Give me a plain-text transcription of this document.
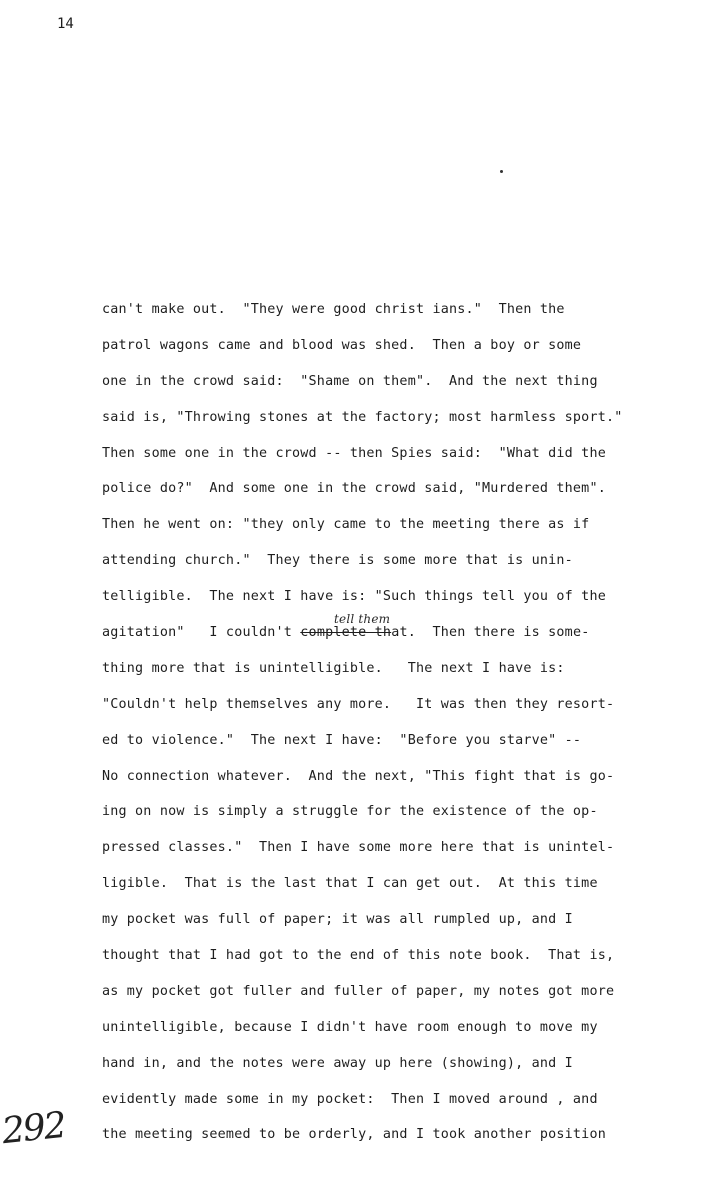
14
can't make out.  "They were good christ ians."  Then the
patrol wagons came and blood was shed.  Then a boy or some
one in the crowd said:  "Shame on them".  And the next thing
said is, "Throwing stones at the factory; most harmless sport."
Then some one in the crowd -- then Spies said:  "What did the
police do?"  And some one in the crowd said, "Murdered them".
Then he went on: "they only came to the meeting there as if
attending church."  They there is some more that is unin-
telligible.  The next I have is: "Such things tell you of the
agitation"   I couldn't complete that.  Then there is some-
tell them
thing more that is unintelligible.   The next I have is:
"Couldn't help themselves any more.   It was then they resort-
ed to violence."  The next I have:  "Before you starve" --
No connection whatever.  And the next, "This fight that is go-
ing on now is simply a struggle for the existence of the op-
pressed classes."  Then I have some more here that is unintel-
ligible.  That is the last that I can get out.  At this time
my pocket was full of paper; it was all rumpled up, and I
thought that I had got to the end of this note book.  That is,
as my pocket got fuller and fuller of paper, my notes got more
unintelligible, because I didn't have room enough to move my
hand in, and the notes were away up here (showing), and I
evidently made some in my pocket:  Then I moved around , and
the meeting seemed to be orderly, and I took another position
292
